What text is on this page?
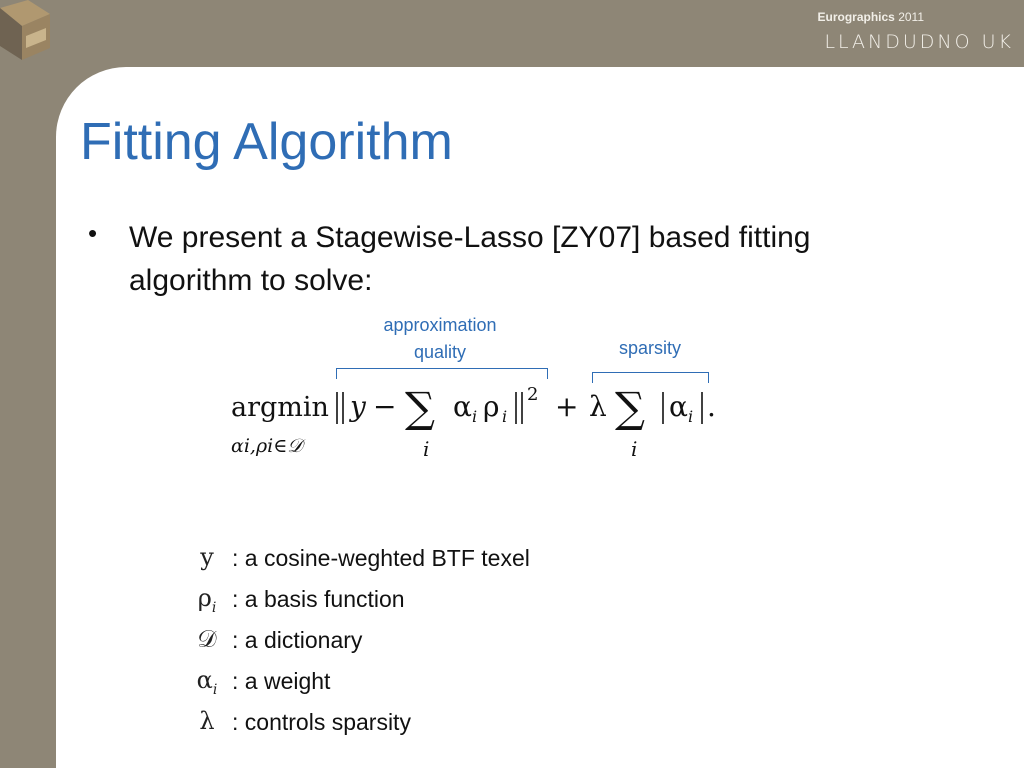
Eurographics 2011
LLANDUDNO UK
Fitting Algorithm
• We present a Stagewise-Lasso [ZY07] based fitting algorithm to solve:
approximation
quality	sparsity
argmin
αi,ρi∈𝒟
y − ∑
i
α i ρ i
2 + λ ∑
i
α i .
y : a cosine-weghted BTF texel
$\rho_i$ : a basis function
𝒟 : a dictionary
$\alpha_i$ : a weight
λ : controls sparsity
